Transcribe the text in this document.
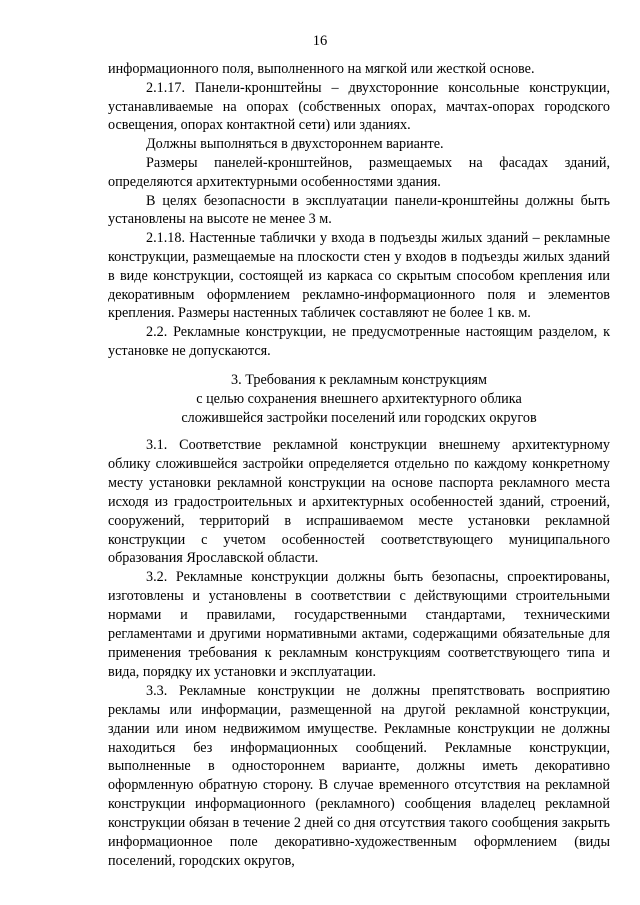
16

информационного поля, выполненного на мягкой или жесткой основе.

2.1.17. Панели-кронштейны – двухсторонние консольные конструкции, устанавливаемые на опорах (собственных опорах, мачтах-опорах городского освещения, опорах контактной сети) или зданиях.

Должны выполняться в двухстороннем варианте.

Размеры панелей-кронштейнов, размещаемых на фасадах зданий, определяются архитектурными особенностями здания.

В целях безопасности в эксплуатации панели-кронштейны должны быть установлены на высоте не менее 3 м.

2.1.18. Настенные таблички у входа в подъезды жилых зданий – рекламные конструкции, размещаемые на плоскости стен у входов в подъезды жилых зданий в виде конструкции, состоящей из каркаса со скрытым способом крепления или декоративным оформлением рекламно-информационного поля и элементов крепления. Размеры настенных табличек составляют не более 1 кв. м.

2.2. Рекламные конструкции, не предусмотренные настоящим разделом, к установке не допускаются.

3. Требования к рекламным конструкциям
с целью сохранения внешнего архитектурного облика
сложившейся застройки поселений или городских округов

3.1. Соответствие рекламной конструкции внешнему архитектурному облику сложившейся застройки определяется отдельно по каждому конкретному месту установки рекламной конструкции на основе паспорта рекламного места исходя из градостроительных и архитектурных особенностей зданий, строений, сооружений, территорий в испрашиваемом месте установки рекламной конструкции с учетом особенностей соответствующего муниципального образования Ярославской области.

3.2. Рекламные конструкции должны быть безопасны, спроектированы, изготовлены и установлены в соответствии с действующими строительными нормами и правилами, государственными стандартами, техническими регламентами и другими нормативными актами, содержащими обязательные для применения требования к рекламным конструкциям соответствующего типа и вида, порядку их установки и эксплуатации.

3.3. Рекламные конструкции не должны препятствовать восприятию рекламы или информации, размещенной на другой рекламной конструкции, здании или ином недвижимом имуществе. Рекламные конструкции не должны находиться без информационных сообщений. Рекламные конструкции, выполненные в одностороннем варианте, должны иметь декоративно оформленную обратную сторону. В случае временного отсутствия на рекламной конструкции информационного (рекламного) сообщения владелец рекламной конструкции обязан в течение 2 дней со дня отсутствия такого сообщения закрыть информационное поле декоративно-художественным оформлением (виды поселений, городских округов,
